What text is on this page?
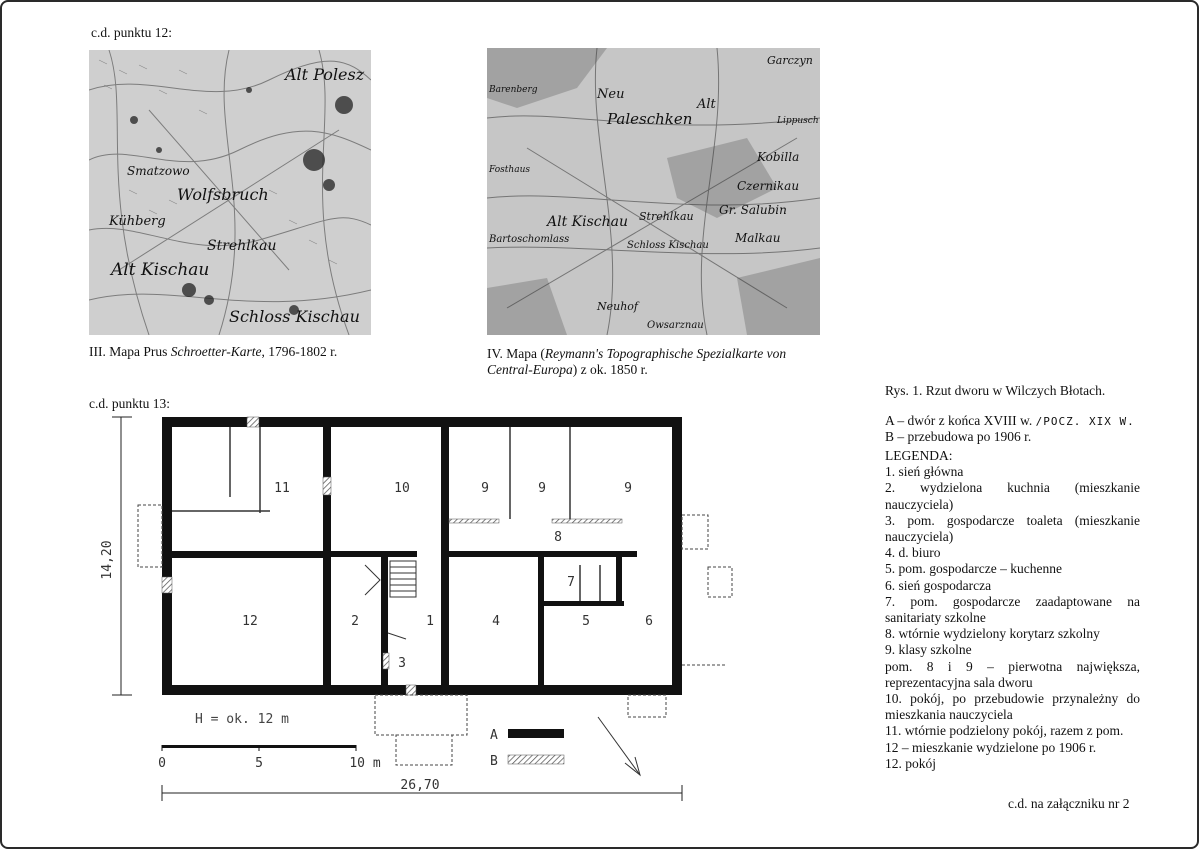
c.d. punktu 12:
Alt Polesz
Smatzowo
Wolfsbruch
Kühberg
Strehlkau
Alt Kischau
Schloss Kischau
III. Mapa Prus Schroetter-Karte, 1796-1802 r.
Garczyn
Barenberg	Neu
Paleschken
Alt
Lippusch
Kobilla
Czernikau
Alt Kischau Strehlkau Gr. Salubin
Malkau
Schloss Kischau
Bartoschomlass
Neuhof
Owsarznau
Fosthaus
IV. Mapa (Reymann's Topographische Spezialkarte von Central-Europa) z ok. 1850 r.
c.d. punktu 13:
14,20
11	10	9	9	9
8
7
12	2	1	4	5	6
3
H = ok. 12 m
0	5	10 m
A
B
26,70
Rys. 1. Rzut dworu w Wilczych Błotach.
A – dwór z końca XVIII w. /POCZ. XIX W.
B – przebudowa po 1906 r.
LEGENDA:
1. sień główna
2. wydzielona kuchnia (mieszkanie nauczyciela)
3. pom. gospodarcze toaleta (mieszkanie nauczyciela)
4. d. biuro
5. pom. gospodarcze – kuchenne
6. sień gospodarcza
7. pom. gospodarcze zaadaptowane na sanitariaty szkolne
8. wtórnie wydzielony korytarz szkolny
9. klasy szkolne
pom. 8 i 9 – pierwotna największa, reprezentacyjna sala dworu
10. pokój, po przebudowie przynależny do mieszkania nauczyciela
11. wtórnie podzielony pokój, razem z pom.
12 – mieszkanie wydzielone po 1906 r.
12. pokój
c.d. na załączniku nr 2
